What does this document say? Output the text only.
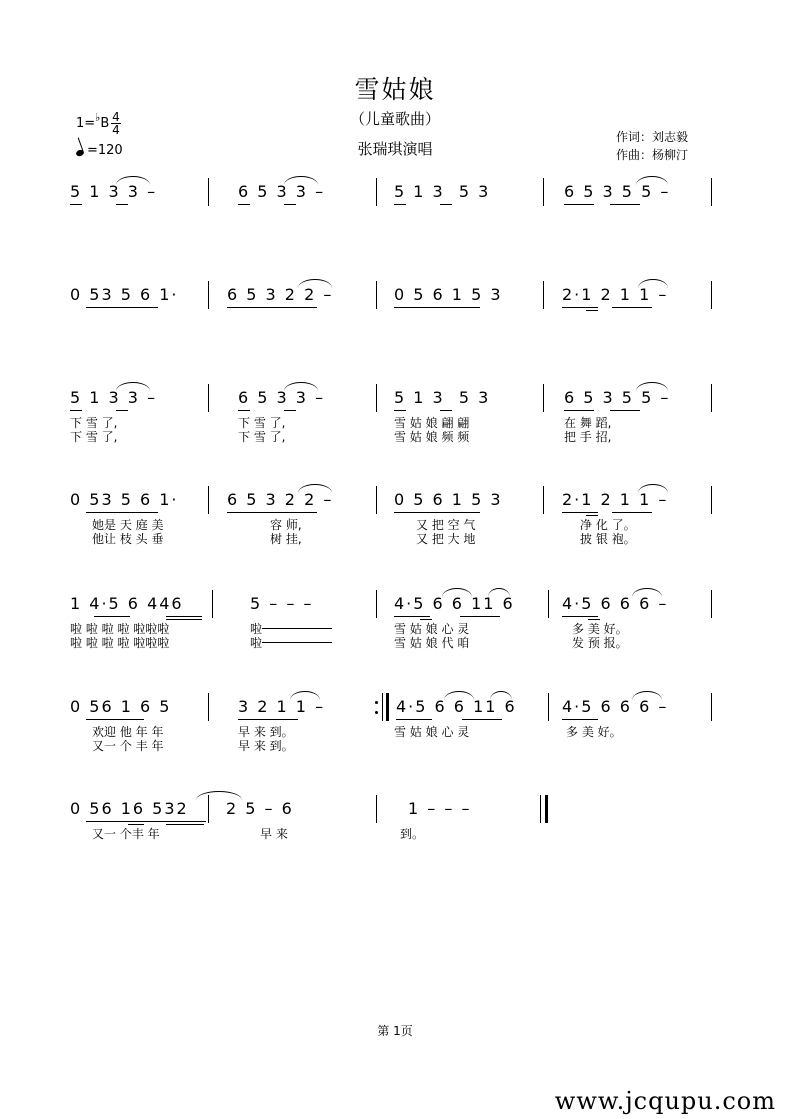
雪姑娘
（儿童歌曲）
张瑞琪演唱
作词：刘志毅
作曲：杨柳汀
1=♭B 4
4
=120
5 1 3 3 –	6 5 3 3 –	5 1 3  5 3	6 5 3 5 5 –
0 53 5 6 1·	6 5 3 2 2 –	0 5 6 1 5 3	2·1 2 1 1 –
5 1 3 3 –	6 5 3 3 –	5 1 3  5 3	6 5 3 5 5 –
下 雪 了,	下 雪 了,	雪 姑 娘 翩 翩	在 舞 蹈,
下 雪 了,	下 雪 了,	雪 姑 娘 频 频	把 手 招,
0 53 5 6 1·	6 5 3 2 2 –	0 5 6 1 5 3	2·1 2 1 1 –
她是 天 庭 美	容 师,	又 把 空 气	净 化 了。
他让 枝 头 垂	树 挂,	又 把 大 地	披 银 袍。
1 4·5 6 446	5 – – –	4·5 6 6 11 6	4·5 6 6 6 –
啦 啦 啦 啦 啦啦啦	啦	雪 姑 娘 心 灵	多 美 好。
啦 啦 啦 啦 啦啦啦	啦	雪 姑 娘 代 咱	发 预 报。
0 56 1 6 5	3 2 1 1 –	4·5 6 6 11 6	4·5 6 6 6 –
欢迎 他 年 年	早 来 到。	雪 姑 娘 心 灵	多 美 好。
又一 个 丰 年	早 来 到。
0 56 16 532 2 5 – 6	1 – – –
又一 个丰 年	早 来	到。
第 1页
www.jcqupu.com
